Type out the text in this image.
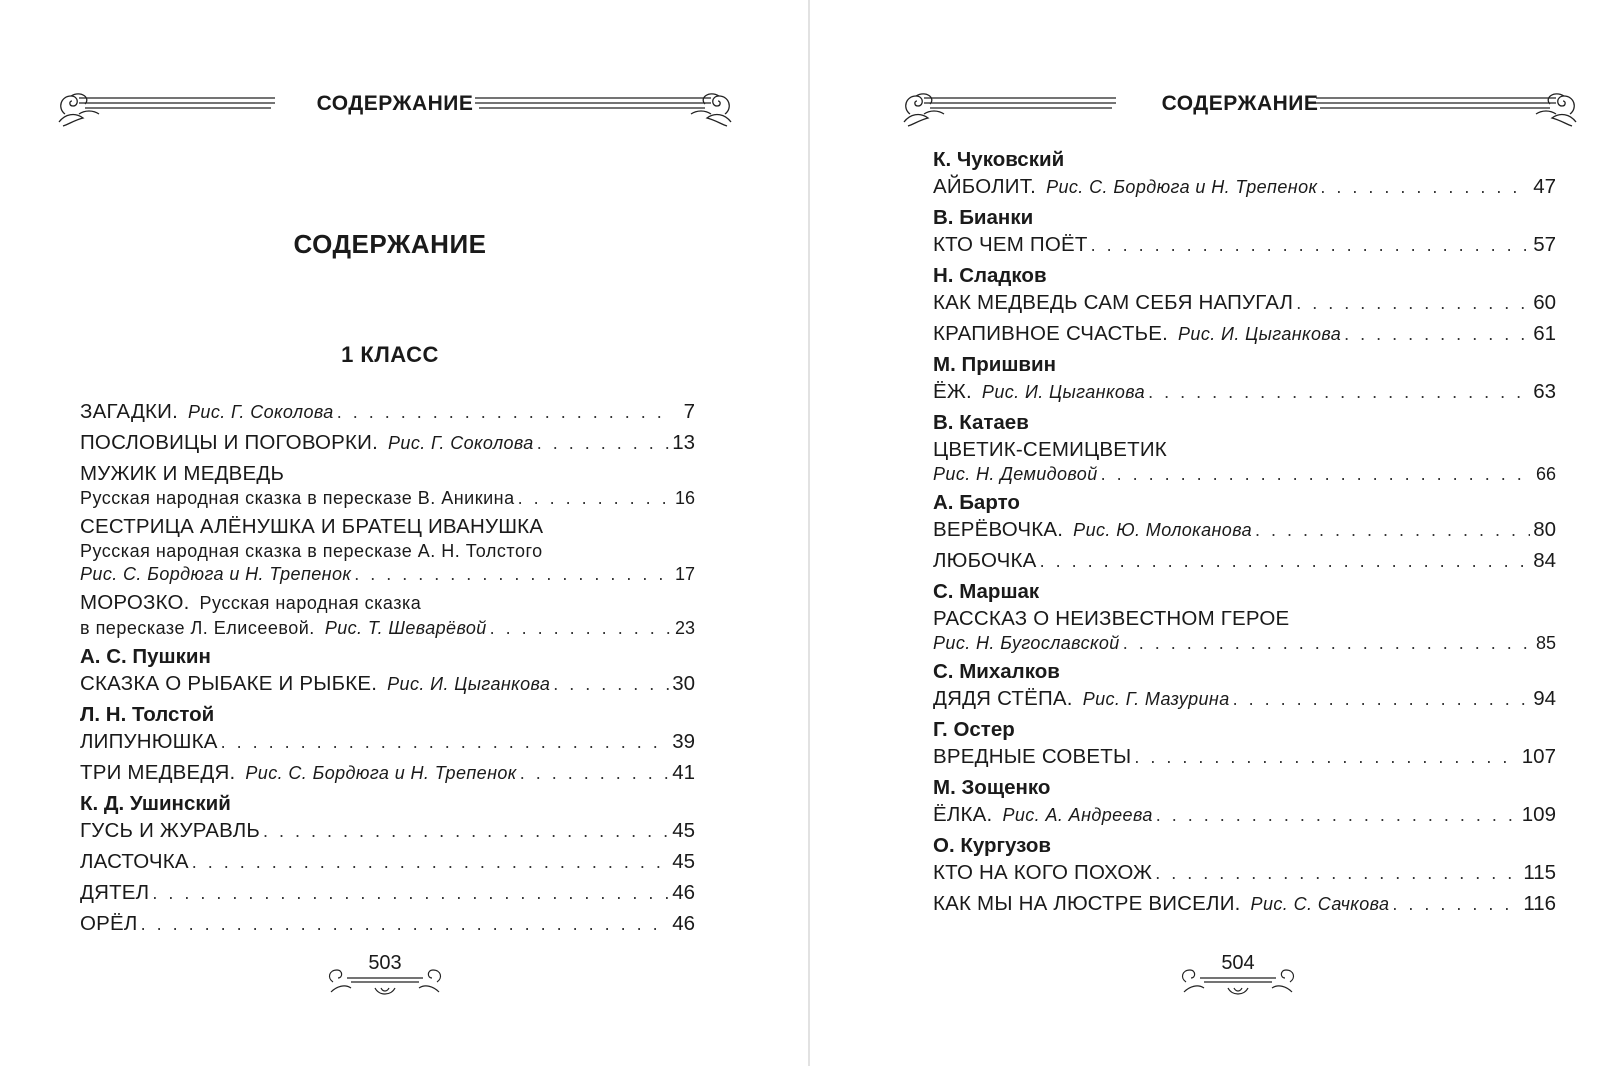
СОДЕРЖАНИЕ
СОДЕРЖАНИЕ
1 КЛАСС
ЗАГАДКИ. Рис. Г. Соколова . . .	7
ПОСЛОВИЦЫ И ПОГОВОРКИ. Рис. Г. Соколова . . .	13
МУЖИК И МЕДВЕДЬ
Русская народная сказка в пересказе В. Аникина . . .	16
СЕСТРИЦА АЛЁНУШКА И БРАТЕЦ ИВАНУШКА
Русская народная сказка в пересказе А. Н. Толстого
Рис. С. Бордюга и Н. Трепенок . . .	17
МОРОЗКО. Русская народная сказка
в пересказе Л. Елисеевой. Рис. Т. Шеварёвой . . .	23
А. С. Пушкин
СКАЗКА О РЫБАКЕ И РЫБКЕ. Рис. И. Цыганкова . . .	30
Л. Н. Толстой
ЛИПУНЮШКА . . .	39
ТРИ МЕДВЕДЯ. Рис. С. Бордюга и Н. Трепенок . . .	41
К. Д. Ушинский
ГУСЬ И ЖУРАВЛЬ . . .	45
ЛАСТОЧКА . . .	45
ДЯТЕЛ . . .	46
ОРЁЛ . . .	46
503
СОДЕРЖАНИЕ
К. Чуковский
АЙБОЛИТ. Рис. С. Бордюга и Н. Трепенок . . .	47
В. Бианки
КТО ЧЕМ ПОЁТ . . .	57
Н. Сладков
КАК МЕДВЕДЬ САМ СЕБЯ НАПУГАЛ . . .	60
КРАПИВНОЕ СЧАСТЬЕ. Рис. И. Цыганкова . . .	61
М. Пришвин
ЁЖ. Рис. И. Цыганкова . . .	63
В. Катаев
ЦВЕТИК-СЕМИЦВЕТИК
Рис. Н. Демидовой . . .	66
А. Барто
ВЕРЁВОЧКА. Рис. Ю. Молоканова . . .	80
ЛЮБОЧКА . . .	84
С. Маршак
РАССКАЗ О НЕИЗВЕСТНОМ ГЕРОЕ
Рис. Н. Бугославской . . .	85
С. Михалков
ДЯДЯ СТЁПА. Рис. Г. Мазурина . . .	94
Г. Остер
ВРЕДНЫЕ СОВЕТЫ . . .	107
М. Зощенко
ЁЛКА. Рис. А. Андреева . . .	109
О. Кургузов
КТО НА КОГО ПОХОЖ . . .	115
КАК МЫ НА ЛЮСТРЕ ВИСЕЛИ. Рис. С. Сачкова . . .	116
504
